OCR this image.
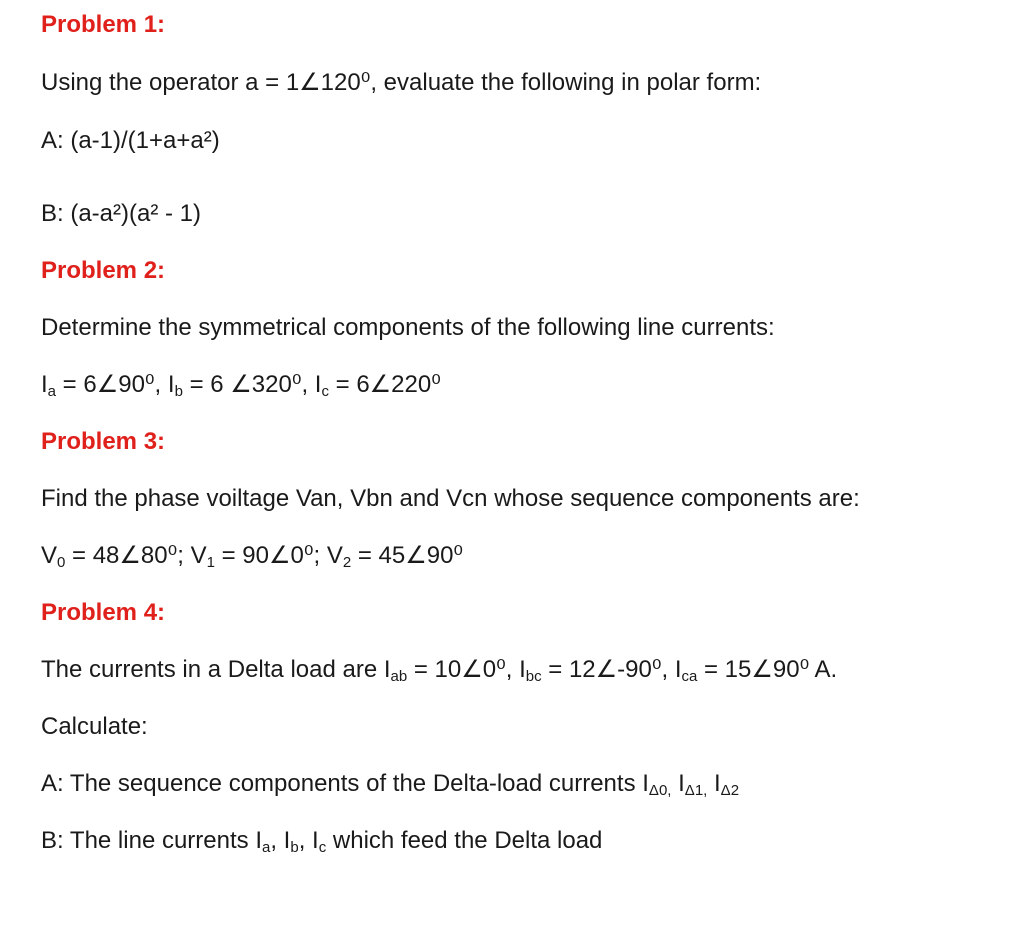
Problem 1:
Using the operator a = 1∠120⁰, evaluate the following in polar form:
A: (a-1)/(1+a+a²)
B: (a-a²)(a² - 1)
Problem 2:
Determine the symmetrical components of the following line currents:
$I_a$ = 6∠90⁰, $I_b = 6$ ∠320⁰, $I_c$ = 6∠220⁰
Problem 3:
Find the phase voiltage Van, Vbn and Vcn whose sequence components are:
$V_0$ = 48∠80⁰; $V_1$ = 90∠0⁰; $V_2$ = 45∠90⁰
Problem 4:
The currents in a Delta load are $I_{ab}$ = 10∠0⁰, $I_{bc}$ = 12∠-90⁰, $I_{ca}$ = 15∠90⁰ A.
Calculate:
A: The sequence components of the Delta-load currents $I_{\Delta 0,}$ $I_{\Delta 1,}$ $I_{\Delta 2}$
B: The line currents $I_a$, $I_b$, $I_c$ which feed the Delta load
